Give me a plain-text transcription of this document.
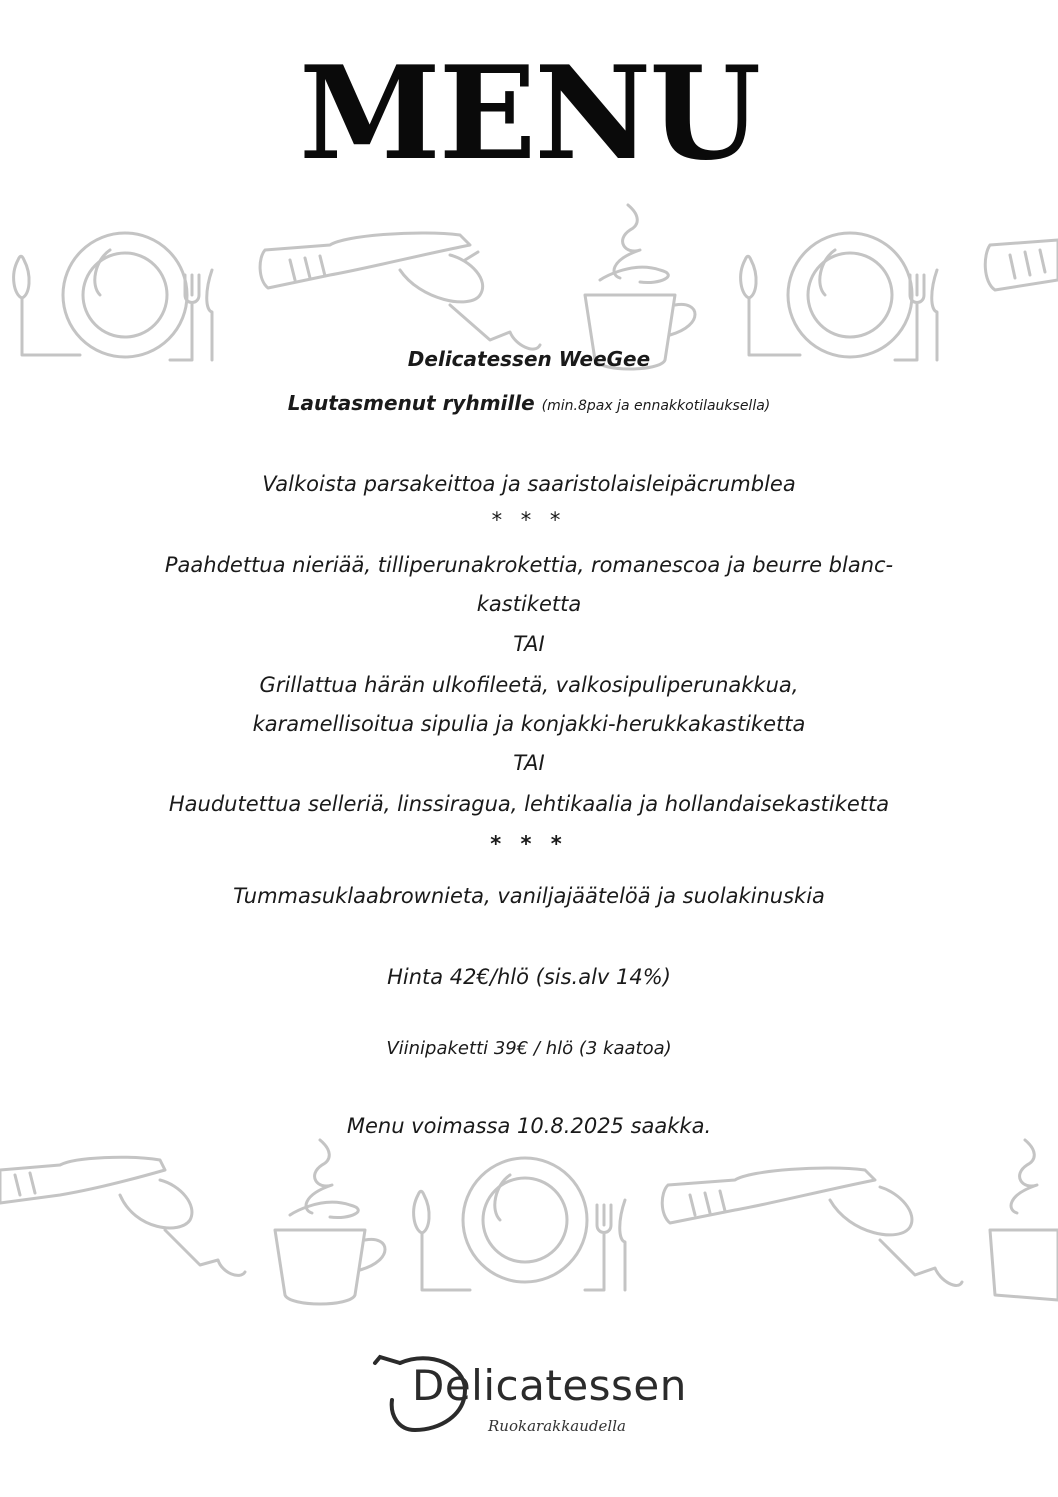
MENU
Delicatessen WeeGee
Lautasmenut ryhmille (min.8pax ja ennakkotilauksella)
Valkoista parsakeittoa ja saaristolaisleipäcrumblea
* * *
Paahdettua nieriää, tilliperunakrokettia, romanescoa ja beurre blanc-
kastiketta
TAI
Grillattua härän ulkofileetä, valkosipuliperunakkua,
karamellisoitua sipulia ja konjakki-herukkakastiketta
TAI
Haudutettua selleriä, linssiragua, lehtikaalia ja hollandaisekastiketta
* * *
Tummasuklaabrownieta, vaniljajäätelöä ja suolakinuskia
Hinta 42€/hlö (sis.alv 14%)
Viinipaketti 39€ / hlö (3 kaatoa)
Menu voimassa 10.8.2025 saakka.
Delicatessen
Ruokarakkaudella
